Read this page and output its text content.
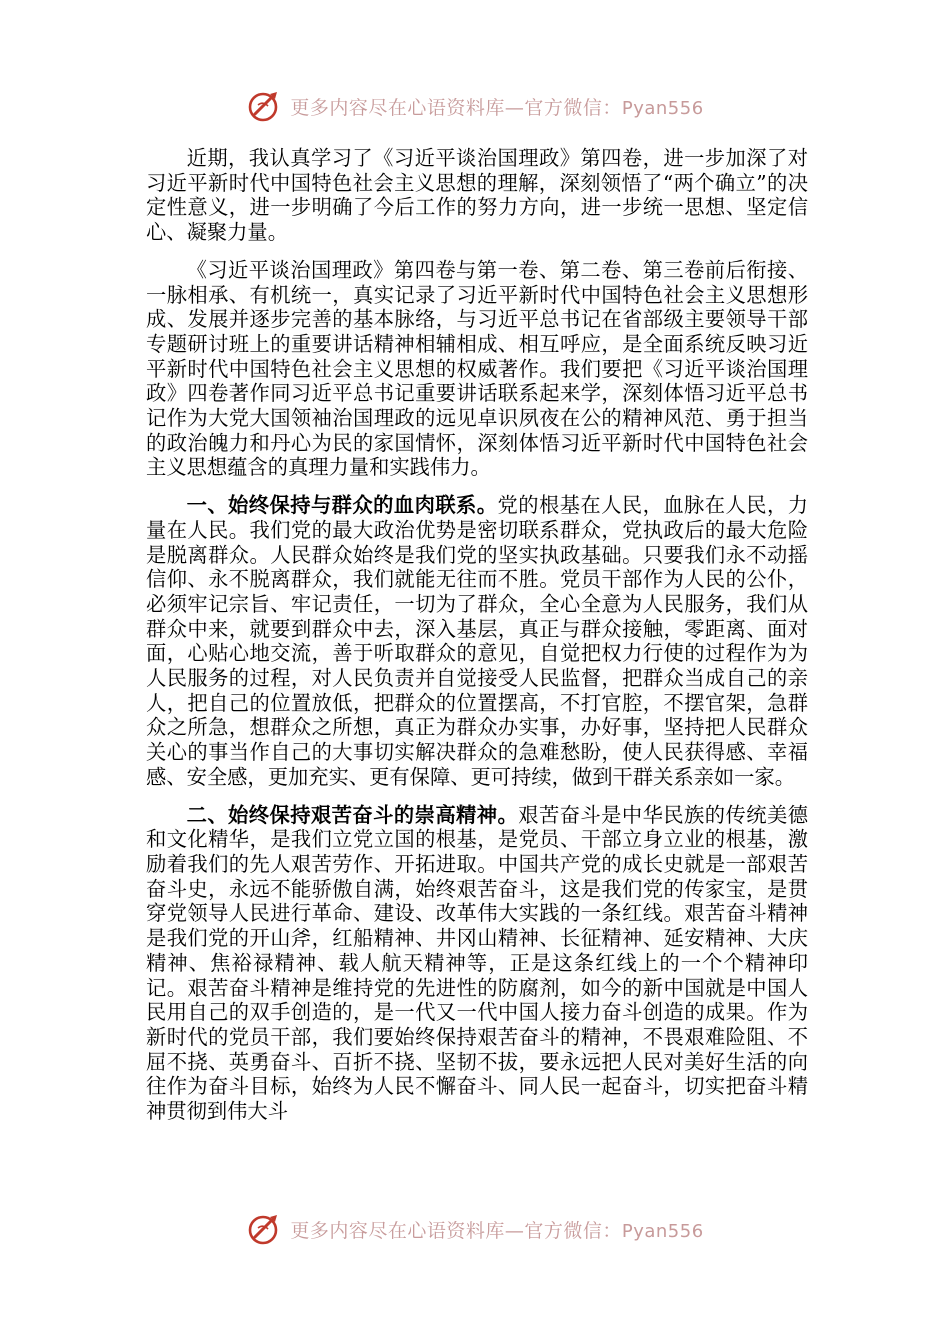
更多内容尽在心语资料库—官方微信：Pyan556

近期，我认真学习了《习近平谈治国理政》第四卷，进一步加深了对习近平新时代中国特色社会主义思想的理解，深刻领悟了“两个确立”的决定性意义，进一步明确了今后工作的努力方向，进一步统一思想、坚定信心、凝聚力量。

《习近平谈治国理政》第四卷与第一卷、第二卷、第三卷前后衔接、一脉相承、有机统一，真实记录了习近平新时代中国特色社会主义思想形成、发展并逐步完善的基本脉络，与习近平总书记在省部级主要领导干部专题研讨班上的重要讲话精神相辅相成、相互呼应，是全面系统反映习近平新时代中国特色社会主义思想的权威著作。我们要把《习近平谈治国理政》四卷著作同习近平总书记重要讲话联系起来学，深刻体悟习近平总书记作为大党大国领袖治国理政的远见卓识夙夜在公的精神风范、勇于担当的政治魄力和丹心为民的家国情怀，深刻体悟习近平新时代中国特色社会主义思想蕴含的真理力量和实践伟力。

一、始终保持与群众的血肉联系。党的根基在人民，血脉在人民，力量在人民。我们党的最大政治优势是密切联系群众，党执政后的最大危险是脱离群众。人民群众始终是我们党的坚实执政基础。只要我们永不动摇信仰、永不脱离群众，我们就能无往而不胜。党员干部作为人民的公仆，必须牢记宗旨、牢记责任，一切为了群众，全心全意为人民服务，我们从群众中来，就要到群众中去，深入基层，真正与群众接触，零距离、面对面，心贴心地交流，善于听取群众的意见，自觉把权力行使的过程作为为人民服务的过程，对人民负责并自觉接受人民监督，把群众当成自己的亲人，把自己的位置放低，把群众的位置摆高，不打官腔，不摆官架，急群众之所急，想群众之所想，真正为群众办实事，办好事，坚持把人民群众关心的事当作自己的大事切实解决群众的急难愁盼，使人民获得感、幸福感、安全感，更加充实、更有保障、更可持续，做到干群关系亲如一家。

二、始终保持艰苦奋斗的崇高精神。艰苦奋斗是中华民族的传统美德和文化精华，是我们立党立国的根基，是党员、干部立身立业的根基，激励着我们的先人艰苦劳作、开拓进取。中国共产党的成长史就是一部艰苦奋斗史，永远不能骄傲自满，始终艰苦奋斗，这是我们党的传家宝，是贯穿党领导人民进行革命、建设、改革伟大实践的一条红线。艰苦奋斗精神是我们党的开山斧，红船精神、井冈山精神、长征精神、延安精神、大庆精神、焦裕禄精神、载人航天精神等，正是这条红线上的一个个精神印记。艰苦奋斗精神是维持党的先进性的防腐剂，如今的新中国就是中国人民用自己的双手创造的，是一代又一代中国人接力奋斗创造的成果。作为新时代的党员干部，我们要始终保持艰苦奋斗的精神，不畏艰难险阻、不屈不挠、英勇奋斗、百折不挠、坚韧不拔，要永远把人民对美好生活的向往作为奋斗目标，始终为人民不懈奋斗、同人民一起奋斗，切实把奋斗精神贯彻到伟大斗

更多内容尽在心语资料库—官方微信：Pyan556
